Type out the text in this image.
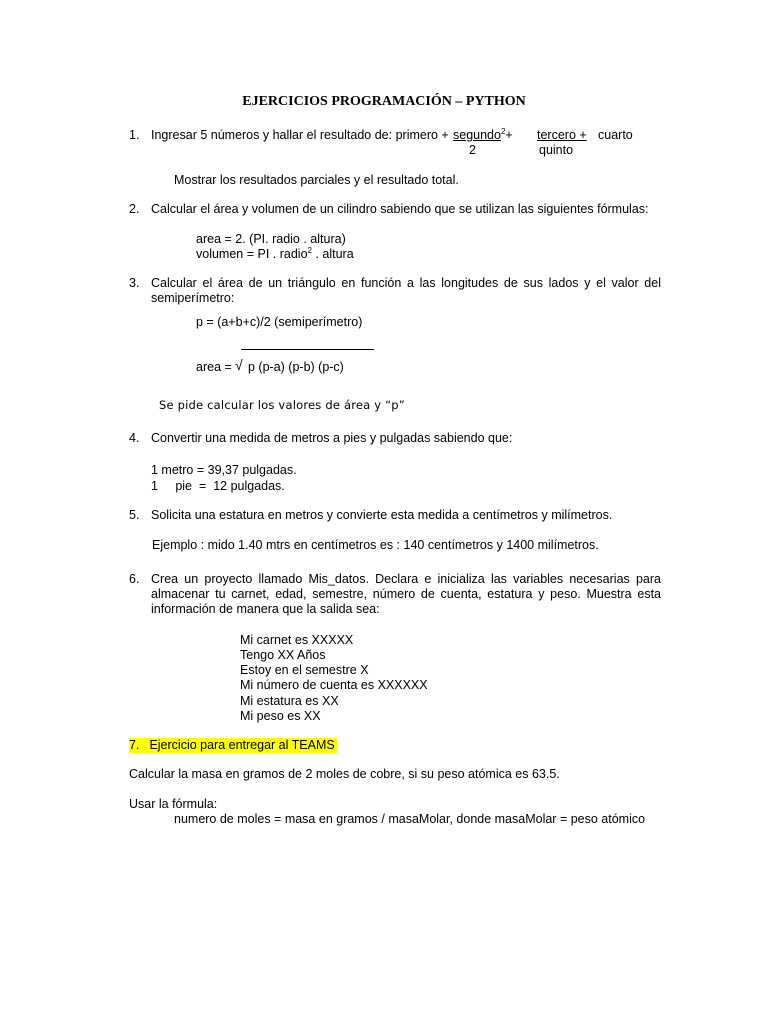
EJERCICIOS PROGRAMACIÓN – PYTHON
1. Ingresar 5 números y hallar el resultado de: primero + segundo$^2$+	tercero + cuarto
2	quinto
Mostrar los resultados parciales y el resultado total.
2. Calcular el área y volumen de un cilindro sabiendo que se utilizan las siguientes fórmulas:
area = 2. (PI. radio . altura)
volumen = PI . radio$^2$ . altura
3. Calcular el área de un triángulo en función a las longitudes de sus lados y el valor del semiperímetro:
p = (a+b+c)/2 (semiperímetro)
area = √ p (p-a) (p-b) (p-c)
Se pide calcular los valores de área y “p”
4. Convertir una medida de metros a pies y pulgadas sabiendo que:
1 metro = 39,37 pulgadas.
1     pie  =  12 pulgadas.
5. Solicita una estatura en metros y convierte esta medida a centímetros y milímetros.
Ejemplo : mido 1.40 mtrs en centímetros es : 140 centímetros y 1400 milímetros.
6. Crea un proyecto llamado Mis_datos. Declara e inicializa las variables necesarias para almacenar tu carnet, edad, semestre, número de cuenta, estatura y peso. Muestra esta información de manera que la salida sea:
Mi carnet es XXXXX
Tengo XX Años
Estoy en el semestre X
Mi número de cuenta es XXXXXX
Mi estatura es XX
Mi peso es XX
7. Ejercicio para entregar al TEAMS
Calcular la masa en gramos de 2 moles de cobre, si su peso atómica es 63.5.
Usar la fórmula:
numero de moles = masa en gramos / masaMolar, donde masaMolar = peso atómico
